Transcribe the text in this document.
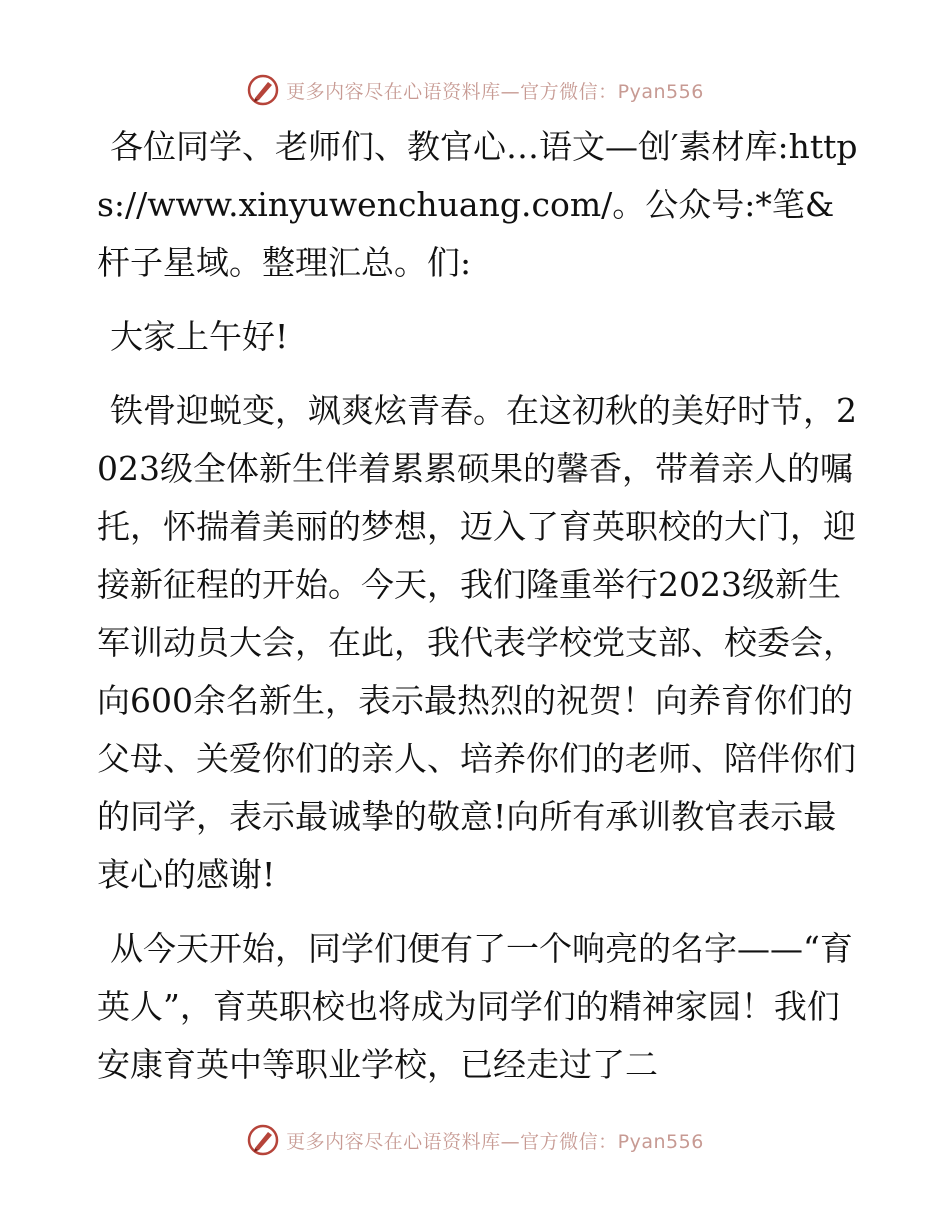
更多内容尽在心语资料库—官方微信：Pyan556

各位同学、老师们、教官心…语文—创′素材库:https://www.xinyuwenchuang.com/。公众号:*笔&杆子星域。整理汇总。们:

大家上午好!

铁骨迎蜕变，飒爽炫青春。在这初秋的美好时节，2023级全体新生伴着累累硕果的馨香，带着亲人的嘱托，怀揣着美丽的梦想，迈入了育英职校的大门，迎接新征程的开始。今天，我们隆重举行2023级新生军训动员大会，在此，我代表学校党支部、校委会，向600余名新生，表示最热烈的祝贺！向养育你们的父母、关爱你们的亲人、培养你们的老师、陪伴你们的同学，表示最诚挚的敬意!向所有承训教官表示最衷心的感谢!

从今天开始，同学们便有了一个响亮的名字——“育英人”，育英职校也将成为同学们的精神家园！我们安康育英中等职业学校，已经走过了二

更多内容尽在心语资料库—官方微信：Pyan556
